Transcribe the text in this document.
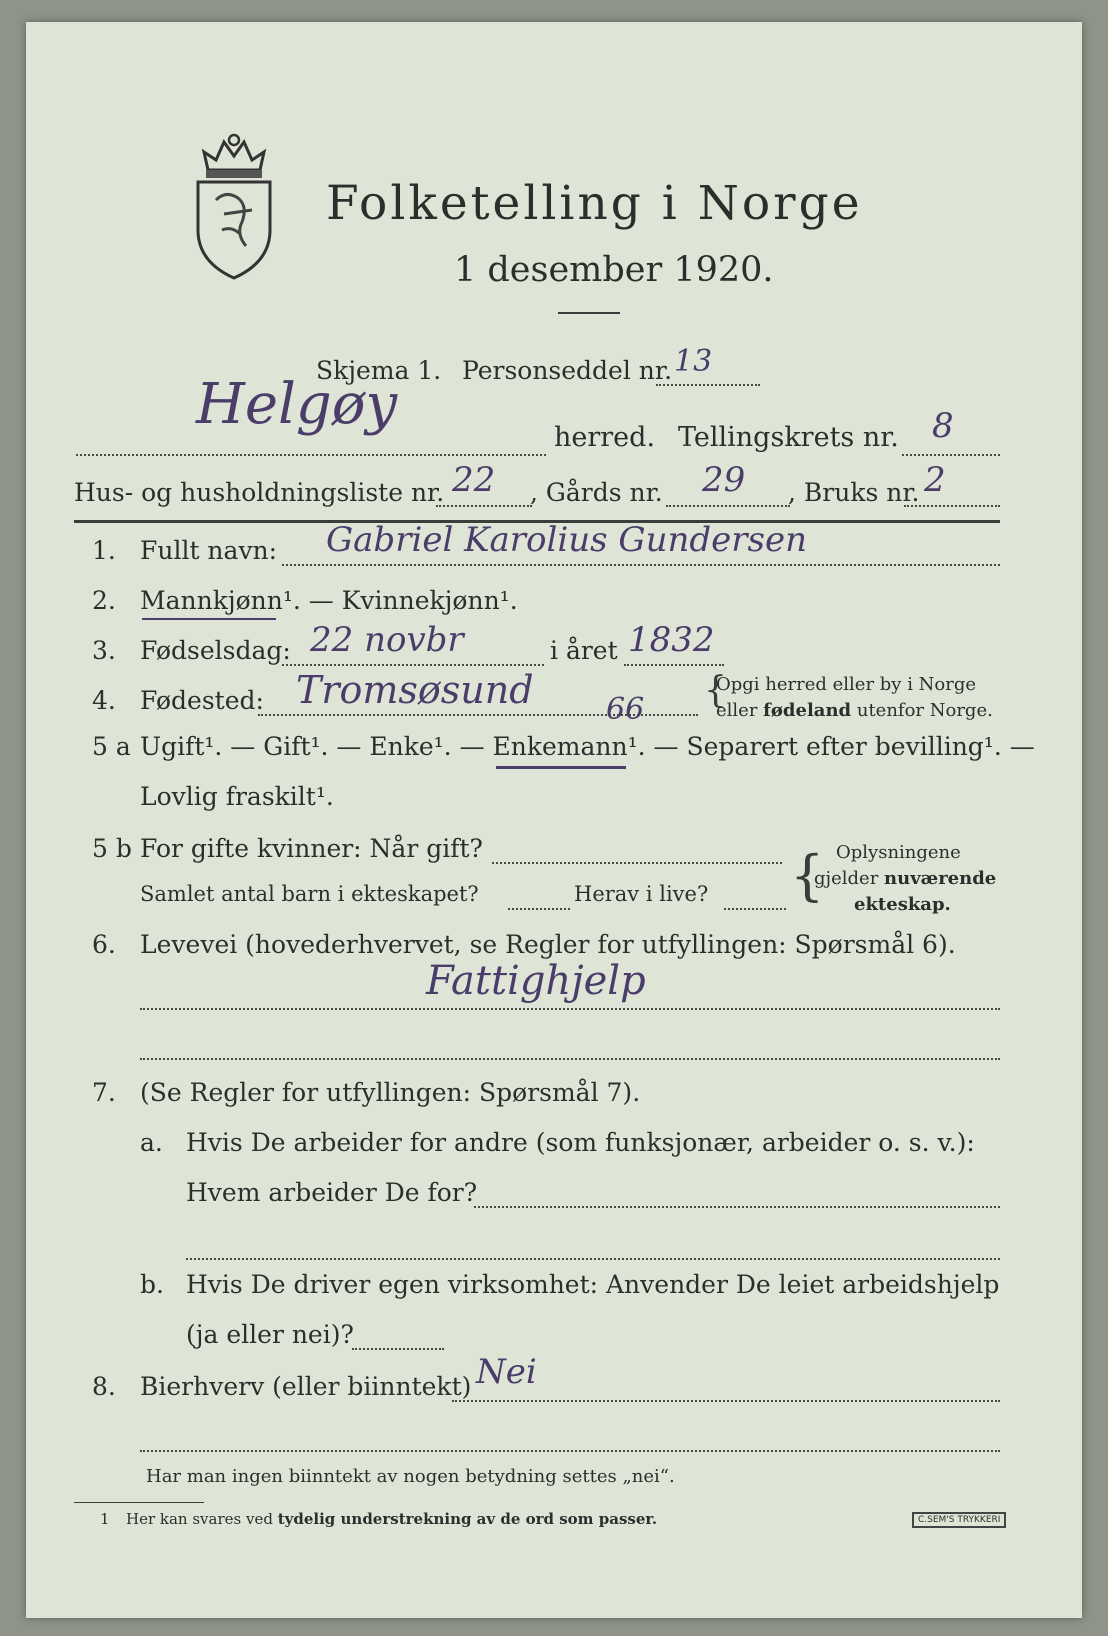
Folketelling i Norge
1 desember 1920.
Skjema 1. Personseddel nr. 13
Helgøy
herred. Tellingskrets nr. 8
Hus- og husholdningsliste nr. 22 , Gårds nr. 29 , Bruks nr. 2
1. Fullt navn: Gabriel Karolius Gundersen
2. Mannkjønn¹. — Kvinnekjønn¹.
3. Fødselsdag: 22 novbr	i året 1832
4. Fødested: Tromsøsund	{
Opgi herred eller by i Norge
eller fødeland utenfor Norge.
5 a Ugift¹. — Gift¹. — Enke¹. — Enkemann¹. — Separert efter bevilling¹. —
66
Lovlig fraskilt¹.
5 b For gifte kvinner: Når gift?
Samlet antal barn i ekteskapet?	Herav i live? { Oplysningene
gjelder nuværende
ekteskap.
6. Levevei (hovederhvervet, se Regler for utfyllingen: Spørsmål 6).
Fattighjelp
7. (Se Regler for utfyllingen: Spørsmål 7).
a. Hvis De arbeider for andre (som funksjonær, arbeider o. s. v.):
Hvem arbeider De for?
b. Hvis De driver egen virksomhet: Anvender De leiet arbeidshjelp
(ja eller nei)?
8. Bierhverv (eller biinntekt) Nei
Har man ingen biinntekt av nogen betydning settes „nei“.
1 Her kan svares ved tydelig understrekning av de ord som passer.	C.SEM'S TRYKKERI
